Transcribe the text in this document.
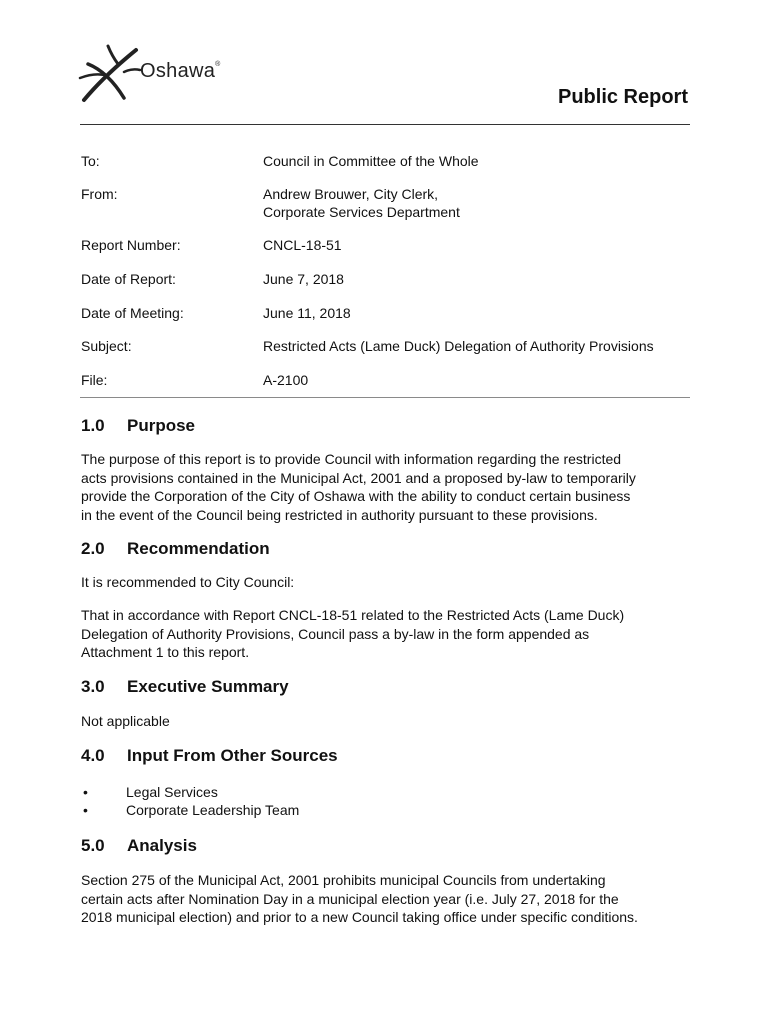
Oshawa®
Public Report
To:	Council in Committee of the Whole
From:	Andrew Brouwer, City Clerk,
Corporate Services Department
Report Number:	CNCL-18-51
Date of Report:	June 7, 2018
Date of Meeting:	June 11, 2018
Subject:	Restricted Acts (Lame Duck) Delegation of Authority Provisions
File:	A-2100
1.0 Purpose
The purpose of this report is to provide Council with information regarding the restricted
acts provisions contained in the Municipal Act, 2001 and a proposed by-law to temporarily
provide the Corporation of the City of Oshawa with the ability to conduct certain business
in the event of the Council being restricted in authority pursuant to these provisions.
2.0 Recommendation
It is recommended to City Council:
That in accordance with Report CNCL-18-51 related to the Restricted Acts (Lame Duck)
Delegation of Authority Provisions, Council pass a by-law in the form appended as
Attachment 1 to this report.
3.0 Executive Summary
Not applicable
4.0 Input From Other Sources
•	Legal Services
•	Corporate Leadership Team
5.0 Analysis
Section 275 of the Municipal Act, 2001 prohibits municipal Councils from undertaking
certain acts after Nomination Day in a municipal election year (i.e. July 27, 2018 for the
2018 municipal election) and prior to a new Council taking office under specific conditions.
